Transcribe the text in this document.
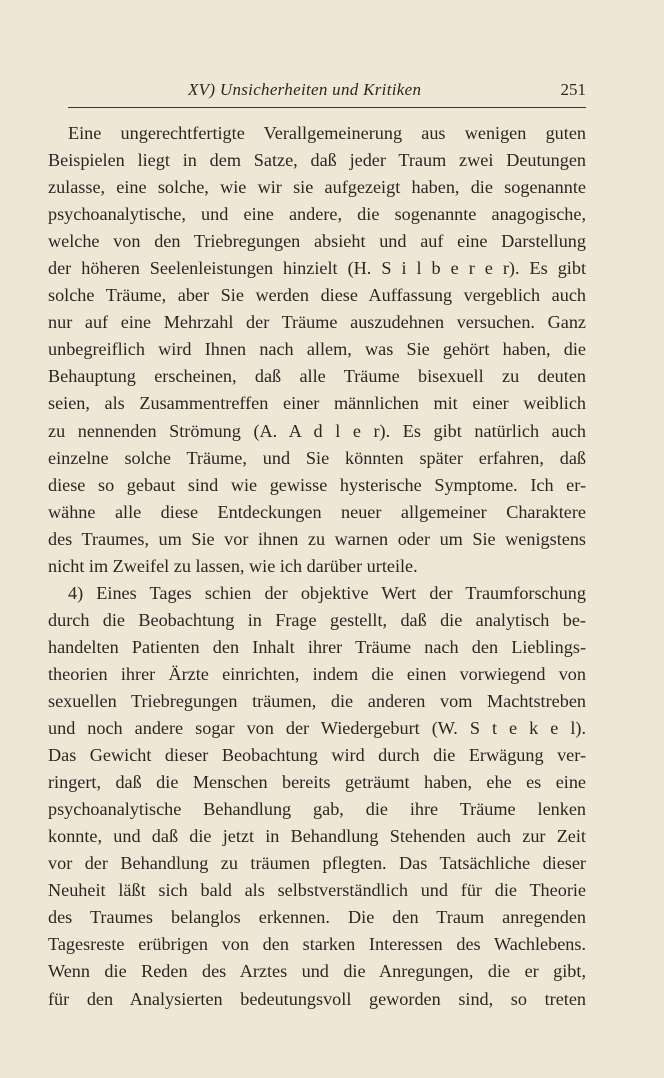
XV) Unsicherheiten und Kritiken	251
Eine ungerechtfertigte Verallgemeinerung aus wenigen guten
Beispielen liegt in dem Satze, daß jeder Traum zwei Deutungen
zulasse, eine solche, wie wir sie aufgezeigt haben, die sogenannte
psychoanalytische, und eine andere, die sogenannte anagogische,
welche von den Triebregungen absieht und auf eine Darstellung
der höheren Seelenleistungen hinzielt (H. S i l b e r e r). Es gibt
solche Träume, aber Sie werden diese Auffassung vergeblich auch
nur auf eine Mehrzahl der Träume auszudehnen versuchen. Ganz
unbegreiflich wird Ihnen nach allem, was Sie gehört haben, die
Behauptung erscheinen, daß alle Träume bisexuell zu deuten
seien, als Zusammentreffen einer männlichen mit einer weiblich
zu nennenden Strömung (A. A d l e r). Es gibt natürlich auch
einzelne solche Träume, und Sie könnten später erfahren, daß
diese so gebaut sind wie gewisse hysterische Symptome. Ich er-
wähne alle diese Entdeckungen neuer allgemeiner Charaktere
des Traumes, um Sie vor ihnen zu warnen oder um Sie wenigstens
nicht im Zweifel zu lassen, wie ich darüber urteile.
4) Eines Tages schien der objektive Wert der Traumforschung
durch die Beobachtung in Frage gestellt, daß die analytisch be-
handelten Patienten den Inhalt ihrer Träume nach den Lieblings-
theorien ihrer Ärzte einrichten, indem die einen vorwiegend von
sexuellen Triebregungen träumen, die anderen vom Machtstreben
und noch andere sogar von der Wiedergeburt (W. S t e k e l).
Das Gewicht dieser Beobachtung wird durch die Erwägung ver-
ringert, daß die Menschen bereits geträumt haben, ehe es eine
psychoanalytische Behandlung gab, die ihre Träume lenken
konnte, und daß die jetzt in Behandlung Stehenden auch zur Zeit
vor der Behandlung zu träumen pflegten. Das Tatsächliche dieser
Neuheit läßt sich bald als selbstverständlich und für die Theorie
des Traumes belanglos erkennen. Die den Traum anregenden
Tagesreste erübrigen von den starken Interessen des Wachlebens.
Wenn die Reden des Arztes und die Anregungen, die er gibt,
für den Analysierten bedeutungsvoll geworden sind, so treten
